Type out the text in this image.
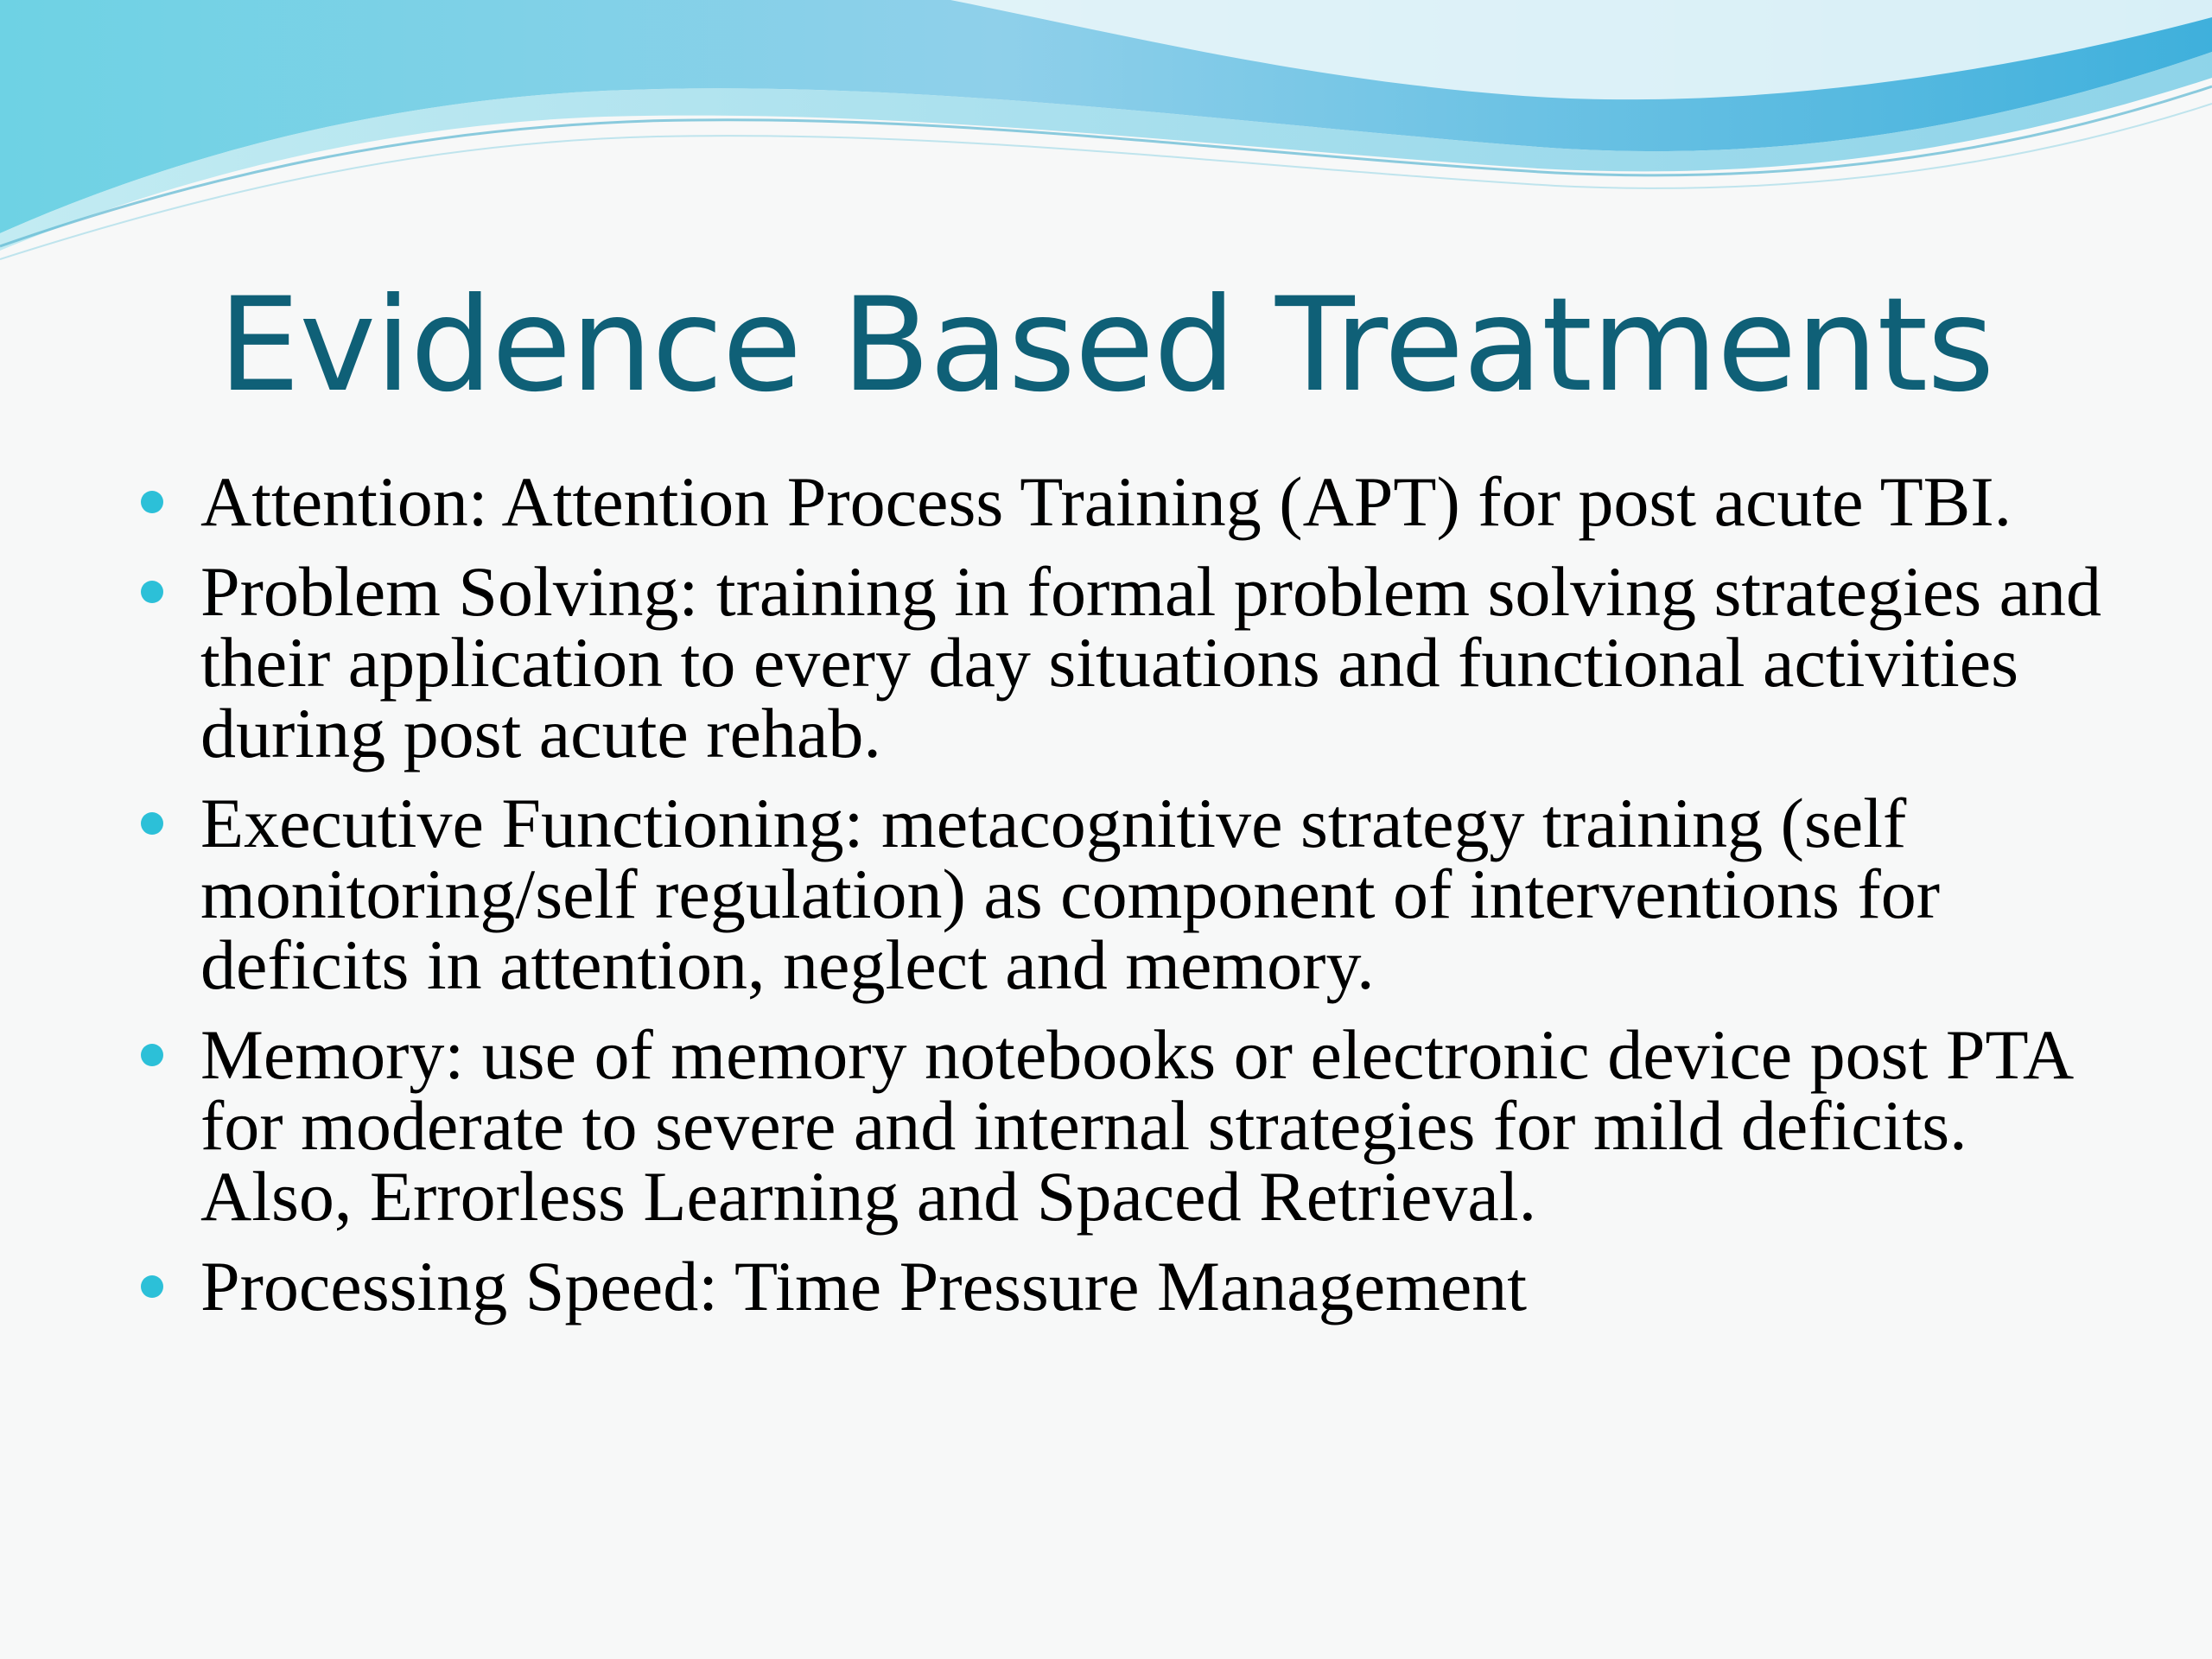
Evidence Based Treatments
Attention: Attention Process Training (APT) for post acute TBI.
Problem Solving: training in formal problem solving strategies and their application to every day situations and functional activities during post acute rehab.
Executive Functioning: metacognitive strategy training (self monitoring/self regulation) as component of interventions for deficits in attention, neglect and memory.
Memory: use of memory notebooks or electronic device post PTA for moderate to severe and internal strategies for mild deficits.  Also, Errorless Learning and Spaced Retrieval.
Processing Speed: Time Pressure Management
